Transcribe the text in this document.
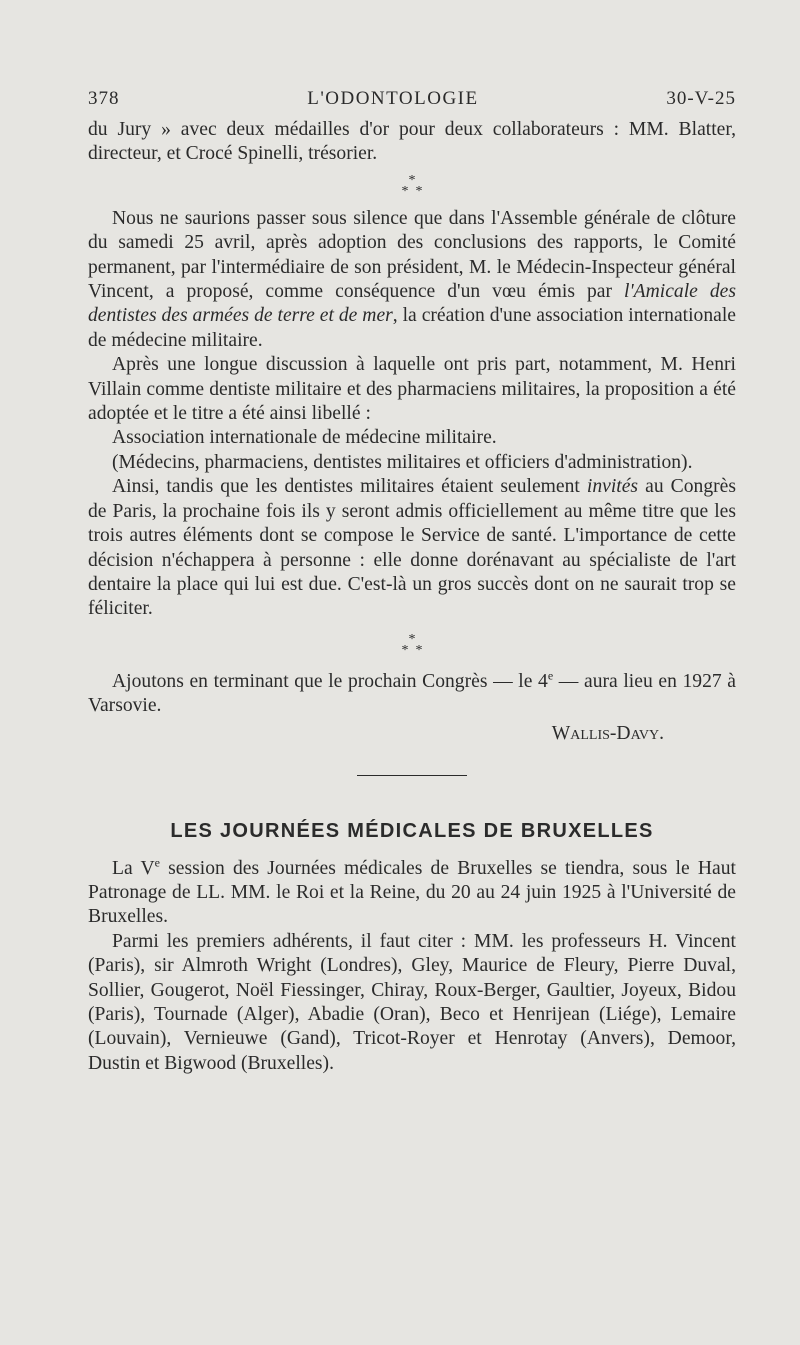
378	L'ODONTOLOGIE	30-V-25

du Jury » avec deux médailles d'or pour deux collaborateurs : MM. Blatter, directeur, et Crocé Spinelli, trésorier.

*
*  *

Nous ne saurions passer sous silence que dans l'Assemble générale de clôture du samedi 25 avril, après adoption des conclusions des rapports, le Comité permanent, par l'intermédiaire de son président, M. le Médecin-Inspecteur général Vincent, a proposé, comme conséquence d'un vœu émis par l'Amicale des dentistes des armées de terre et de mer, la création d'une association internationale de médecine militaire.

Après une longue discussion à laquelle ont pris part, notamment, M. Henri Villain comme dentiste militaire et des pharmaciens militaires, la proposition a été adoptée et le titre a été ainsi libellé :

Association internationale de médecine militaire.

(Médecins, pharmaciens, dentistes militaires et officiers d'administration).

Ainsi, tandis que les dentistes militaires étaient seulement invités au Congrès de Paris, la prochaine fois ils y seront admis officiellement au même titre que les trois autres éléments dont se compose le Service de santé. L'importance de cette décision n'échappera à personne : elle donne dorénavant au spécialiste de l'art dentaire la place qui lui est due. C'est-là un gros succès dont on ne saurait trop se féliciter.

*
*  *

Ajoutons en terminant que le prochain Congrès — le 4e — aura lieu en 1927 à Varsovie.

Wallis-Davy.
LES JOURNÉES MÉDICALES DE BRUXELLES

La Ve session des Journées médicales de Bruxelles se tiendra, sous le Haut Patronage de LL. MM. le Roi et la Reine, du 20 au 24 juin 1925 à l'Université de Bruxelles.

Parmi les premiers adhérents, il faut citer : MM. les professeurs H. Vincent (Paris), sir Almroth Wright (Londres), Gley, Maurice de Fleury, Pierre Duval, Sollier, Gougerot, Noël Fiessinger, Chiray, Roux-Berger, Gaultier, Joyeux, Bidou (Paris), Tournade (Alger), Abadie (Oran), Beco et Henrijean (Liége), Lemaire (Louvain), Vernieuwe (Gand), Tricot-Royer et Henrotay (Anvers), Demoor, Dustin et Bigwood (Bruxelles).
